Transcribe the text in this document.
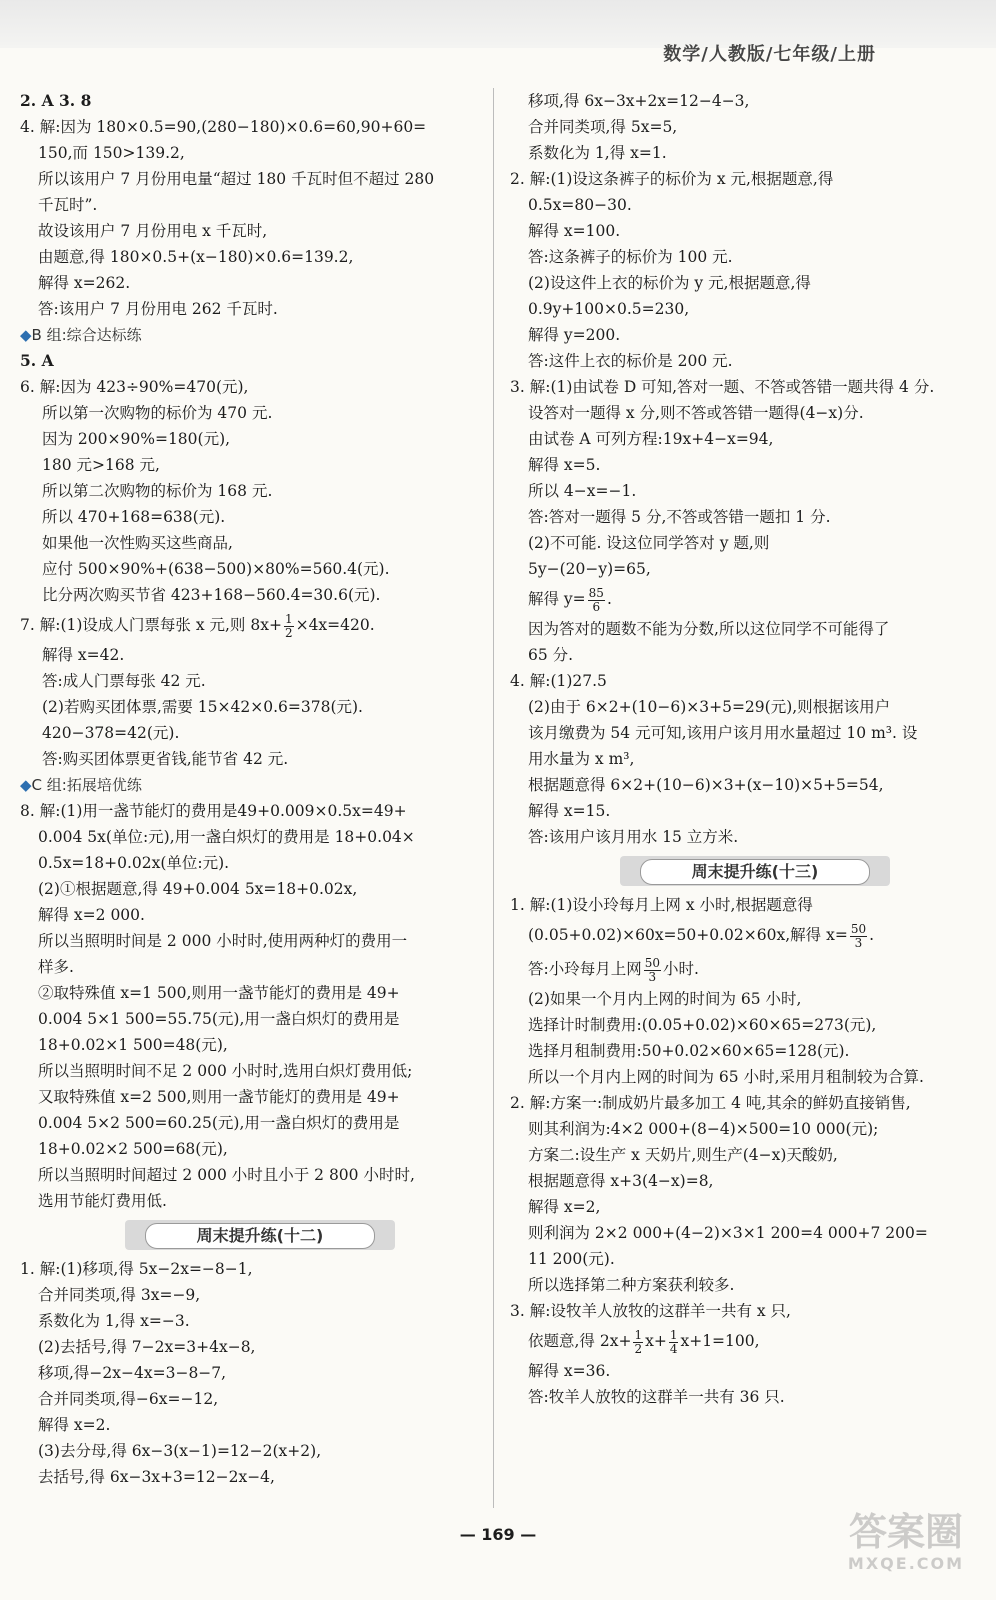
数学/人教版/七年级/上册
2. A 3. 8
4. 解:因为 180×0.5=90,(280−180)×0.6=60,90+60=
150,而 150>139.2,
所以该用户 7 月份用电量“超过 180 千瓦时但不超过 280
千瓦时”.
故设该用户 7 月份用电 x 千瓦时,
由题意,得 180×0.5+(x−180)×0.6=139.2,
解得 x=262.
答:该用户 7 月份用电 262 千瓦时.
◆B 组:综合达标练
5. A
6. 解:因为 423÷90%=470(元),
所以第一次购物的标价为 470 元.
因为 200×90%=180(元),
180 元>168 元,
所以第二次购物的标价为 168 元.
所以 470+168=638(元).
如果他一次性购买这些商品,
应付 500×90%+(638−500)×80%=560.4(元).
比分两次购买节省 423+168−560.4=30.6(元).
7. 解:(1)设成人门票每张 x 元,则 $8x+ \frac{1}{2} \times 4x=420$.
解得 x=42.
答:成人门票每张 42 元.
(2)若购买团体票,需要 15×42×0.6=378(元).
420−378=42(元).
答:购买团体票更省钱,能节省 42 元.
◆C 组:拓展培优练
8. 解:(1)用一盏节能灯的费用是49+0.009×0.5x=49+
0.004 5x(单位:元),用一盏白炽灯的费用是 18+0.04×
0.5x=18+0.02x(单位:元).
(2)①根据题意,得 49+0.004 5x=18+0.02x,
解得 x=2 000.
所以当照明时间是 2 000 小时时,使用两种灯的费用一
样多.
②取特殊值 x=1 500,则用一盏节能灯的费用是 49+
0.004 5×1 500=55.75(元),用一盏白炽灯的费用是
18+0.02×1 500=48(元),
所以当照明时间不足 2 000 小时时,选用白炽灯费用低;
又取特殊值 x=2 500,则用一盏节能灯的费用是 49+
0.004 5×2 500=60.25(元),用一盏白炽灯的费用是
18+0.02×2 500=68(元),
所以当照明时间超过 2 000 小时且小于 2 800 小时时,
选用节能灯费用低.
周末提升练(十二)
1. 解:(1)移项,得 5x−2x=−8−1,
合并同类项,得 3x=−9,
系数化为 1,得 x=−3.
(2)去括号,得 7−2x=3+4x−8,
移项,得−2x−4x=3−8−7,
合并同类项,得−6x=−12,
解得 x=2.
(3)去分母,得 6x−3(x−1)=12−2(x+2),
去括号,得 6x−3x+3=12−2x−4,
移项,得 6x−3x+2x=12−4−3,
合并同类项,得 5x=5,
系数化为 1,得 x=1.
2. 解:(1)设这条裤子的标价为 x 元,根据题意,得
0.5x=80−30.
解得 x=100.
答:这条裤子的标价为 100 元.
(2)设这件上衣的标价为 y 元,根据题意,得
0.9y+100×0.5=230,
解得 y=200.
答:这件上衣的标价是 200 元.
3. 解:(1)由试卷 D 可知,答对一题、不答或答错一题共得 4 分.
设答对一题得 x 分,则不答或答错一题得(4−x)分.
由试卷 A 可列方程:19x+4−x=94,
解得 x=5.
所以 4−x=−1.
答:答对一题得 5 分,不答或答错一题扣 1 分.
(2)不可能. 设这位同学答对 y 题,则
5y−(20−y)=65,
解得 $y= \frac{85}{6}$ .
因为答对的题数不能为分数,所以这位同学不可能得了
65 分.
4. 解:(1)27.5
(2)由于 6×2+(10−6)×3+5=29(元),则根据该用户
该月缴费为 54 元可知,该用户该月用水量超过 10 m³. 设
用水量为 x m³,
根据题意得 6×2+(10−6)×3+(x−10)×5+5=54,
解得 x=15.
答:该用户该月用水 15 立方米.
周末提升练(十三)
1. 解:(1)设小玲每月上网 x 小时,根据题意得
(0.05+0.02)×60x=50+0.02×60x,解得 $x= \frac{50}{3}$ .
答:小玲每月上网 $\frac{50}{3}$ 小时.
(2)如果一个月内上网的时间为 65 小时,
选择计时制费用:(0.05+0.02)×60×65=273(元),
选择月租制费用:50+0.02×60×65=128(元).
所以一个月内上网的时间为 65 小时,采用月租制较为合算.
2. 解:方案一:制成奶片最多加工 4 吨,其余的鲜奶直接销售,
则其利润为:4×2 000+(8−4)×500=10 000(元);
方案二:设生产 x 天奶片,则生产(4−x)天酸奶,
根据题意得 x+3(4−x)=8,
解得 x=2,
则利润为 2×2 000+(4−2)×3×1 200=4 000+7 200=
11 200(元).
所以选择第二种方案获利较多.
3. 解:设牧羊人放牧的这群羊一共有 x 只,
依题意,得 $2x+ \frac{1}{2} x+ \frac{1}{4} x+1=100$,
解得 x=36.
答:牧羊人放牧的这群羊一共有 36 只.
— 169 —	答案圈
MXQE.COM
